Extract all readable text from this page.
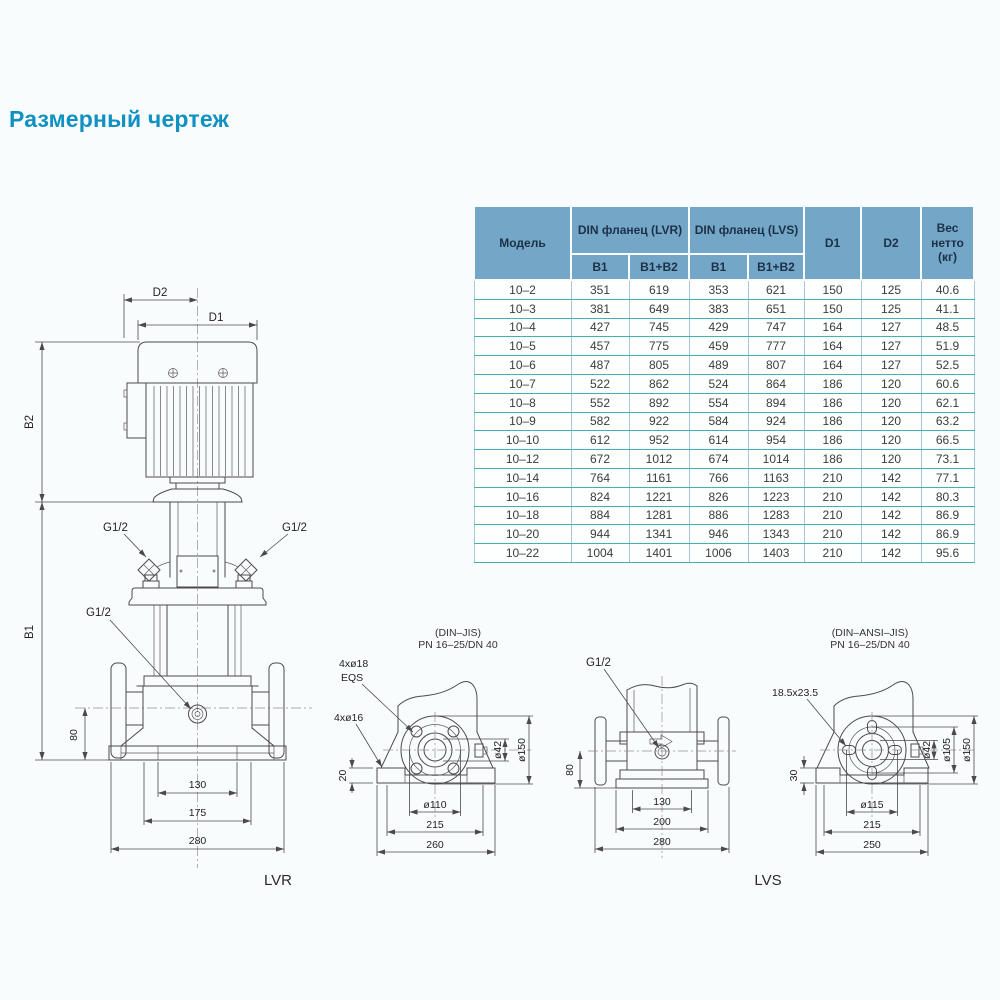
Размерный чертеж
Модель	DIN фланец (LVR)		DIN фланец (LVS)		D1	D2	Вес нетто (кг)
	B1	B1+B2	B1	B1+B2			
10–2	351	619	353	621	150	125	40.6
10–3	381	649	383	651	150	125	41.1
10–4	427	745	429	747	164	127	48.5
10–5	457	775	459	777	164	127	51.9
10–6	487	805	489	807	164	127	52.5
10–7	522	862	524	864	186	120	60.6
10–8	552	892	554	894	186	120	62.1
10–9	582	922	584	924	186	120	63.2
10–10	612	952	614	954	186	120	66.5
10–12	672	1012	674	1014	186	120	73.1
10–14	764	1161	766	1163	210	142	77.1
10–16	824	1221	826	1223	210	142	80.3
10–18	884	1281	886	1283	210	142	86.9
10–20	944	1341	946	1343	210	142	86.9
10–22	1004	1401	1006	1403	210	142	95.6
D2
D1
B2
B1
G1/2	G1/2
G1/2
80
130
175
280
LVR
(DIN–JIS)
PN 16–25/DN 40
4xø18
EQS
4xø16
20
ø42 ø150
ø110
215
260
G1/2
80
130
200
280
LVS
(DIN–ANSI–JIS)
PN 16–25/DN 40
18.5x23.5
30
ø42 ø105 ø150
ø115
215
250
